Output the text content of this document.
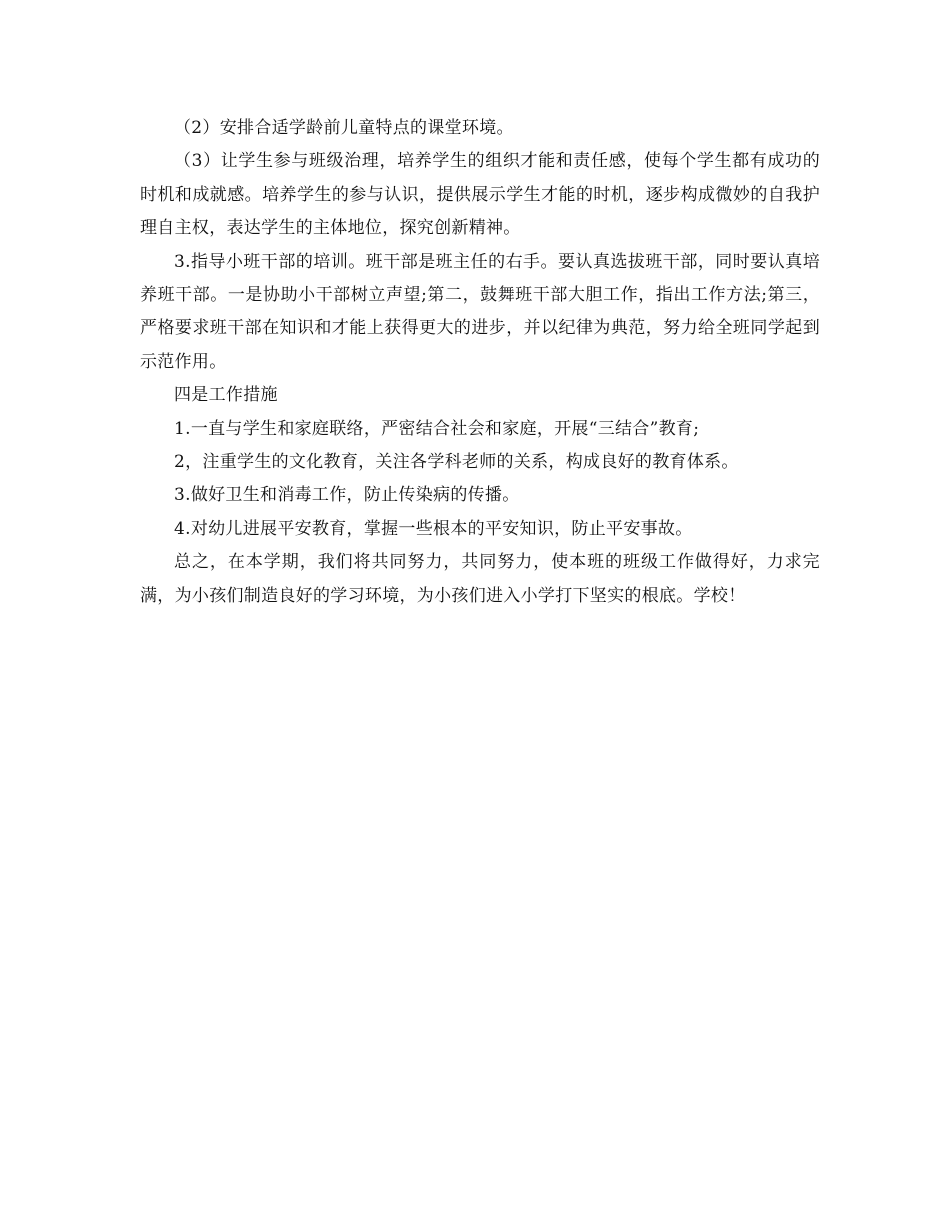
（2）安排合适学龄前儿童特点的课堂环境。

（3）让学生参与班级治理，培养学生的组织才能和责任感，使每个学生都有成功的时机和成就感。培养学生的参与认识，提供展示学生才能的时机，逐步构成微妙的自我护理自主权，表达学生的主体地位，探究创新精神。

3.指导小班干部的培训。班干部是班主任的右手。要认真选拔班干部，同时要认真培养班干部。一是协助小干部树立声望;第二，鼓舞班干部大胆工作，指出工作方法;第三，严格要求班干部在知识和才能上获得更大的进步，并以纪律为典范，努力给全班同学起到示范作用。

四是工作措施

1.一直与学生和家庭联络，严密结合社会和家庭，开展“三结合”教育;

2，注重学生的文化教育，关注各学科老师的关系，构成良好的教育体系。

3.做好卫生和消毒工作，防止传染病的传播。

4.对幼儿进展平安教育，掌握一些根本的平安知识，防止平安事故。

总之，在本学期，我们将共同努力，共同努力，使本班的班级工作做得好，力求完满，为小孩们制造良好的学习环境，为小孩们进入小学打下坚实的根底。学校！
